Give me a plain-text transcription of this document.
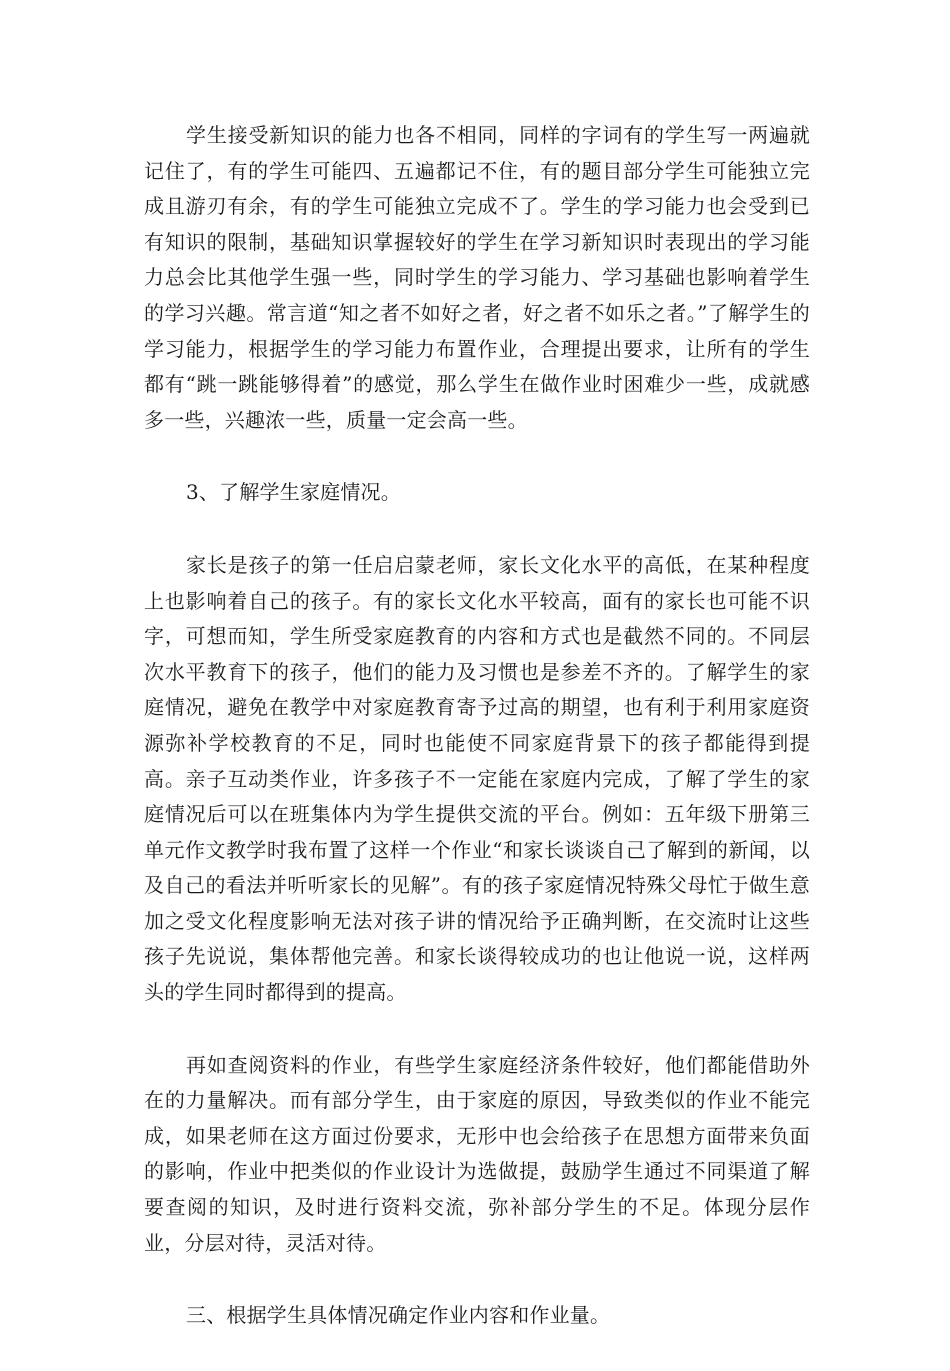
学生接受新知识的能力也各不相同，同样的字词有的学生写一两遍就记住了，有的学生可能四、五遍都记不住，有的题目部分学生可能独立完成且游刃有余，有的学生可能独立完成不了。学生的学习能力也会受到已有知识的限制，基础知识掌握较好的学生在学习新知识时表现出的学习能力总会比其他学生强一些，同时学生的学习能力、学习基础也影响着学生的学习兴趣。常言道“知之者不如好之者，好之者不如乐之者。”了解学生的学习能力，根据学生的学习能力布置作业，合理提出要求，让所有的学生都有“跳一跳能够得着”的感觉，那么学生在做作业时困难少一些，成就感多一些，兴趣浓一些，质量一定会高一些。

3、了解学生家庭情况。

家长是孩子的第一任启启蒙老师，家长文化水平的高低，在某种程度上也影响着自己的孩子。有的家长文化水平较高，面有的家长也可能不识字，可想而知，学生所受家庭教育的内容和方式也是截然不同的。不同层次水平教育下的孩子，他们的能力及习惯也是参差不齐的。了解学生的家庭情况，避免在教学中对家庭教育寄予过高的期望，也有利于利用家庭资源弥补学校教育的不足，同时也能使不同家庭背景下的孩子都能得到提高。亲子互动类作业，许多孩子不一定能在家庭内完成，了解了学生的家庭情况后可以在班集体内为学生提供交流的平台。例如：五年级下册第三单元作文教学时我布置了这样一个作业“和家长谈谈自己了解到的新闻，以及自己的看法并听听家长的见解”。有的孩子家庭情况特殊父母忙于做生意加之受文化程度影响无法对孩子讲的情况给予正确判断，在交流时让这些孩子先说说，集体帮他完善。和家长谈得较成功的也让他说一说，这样两头的学生同时都得到的提高。

再如查阅资料的作业，有些学生家庭经济条件较好，他们都能借助外在的力量解决。而有部分学生，由于家庭的原因，导致类似的作业不能完成，如果老师在这方面过份要求，无形中也会给孩子在思想方面带来负面的影响，作业中把类似的作业设计为选做提，鼓励学生通过不同渠道了解要查阅的知识，及时进行资料交流，弥补部分学生的不足。体现分层作业，分层对待，灵活对待。

三、根据学生具体情况确定作业内容和作业量。
